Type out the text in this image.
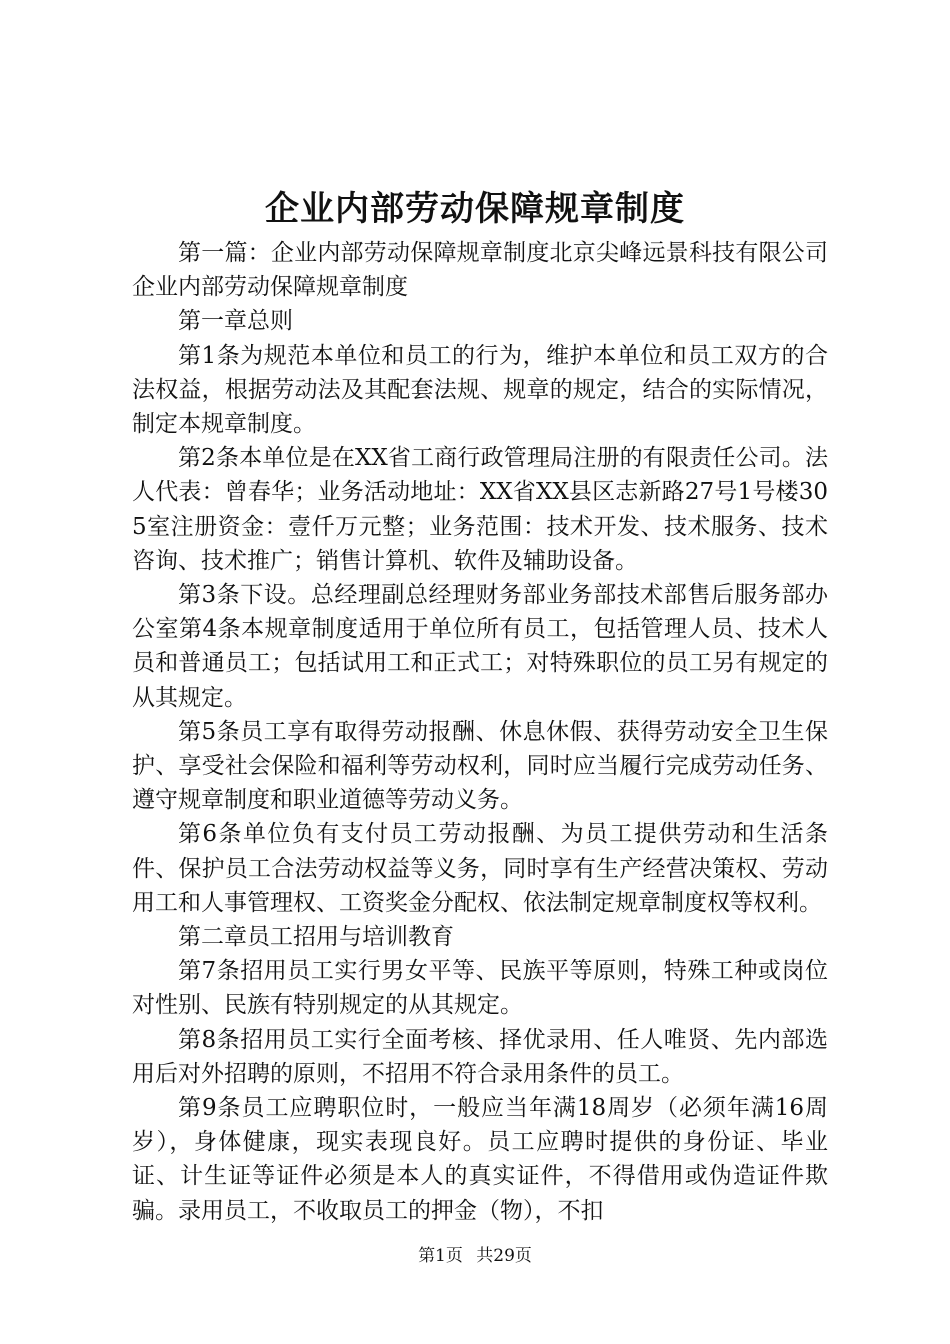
企业内部劳动保障规章制度

第一篇：企业内部劳动保障规章制度北京尖峰远景科技有限公司企业内部劳动保障规章制度

第一章总则

第1条为规范本单位和员工的行为，维护本单位和员工双方的合法权益，根据劳动法及其配套法规、规章的规定，结合的实际情况，制定本规章制度。

第2条本单位是在XX省工商行政管理局注册的有限责任公司。法人代表：曾春华；业务活动地址：XX省XX县区志新路27号1号楼305室注册资金：壹仟万元整；业务范围：技术开发、技术服务、技术咨询、技术推广；销售计算机、软件及辅助设备。

第3条下设。总经理副总经理财务部业务部技术部售后服务部办公室第4条本规章制度适用于单位所有员工，包括管理人员、技术人员和普通员工；包括试用工和正式工；对特殊职位的员工另有规定的从其规定。

第5条员工享有取得劳动报酬、休息休假、获得劳动安全卫生保护、享受社会保险和福利等劳动权利，同时应当履行完成劳动任务、遵守规章制度和职业道德等劳动义务。

第6条单位负有支付员工劳动报酬、为员工提供劳动和生活条件、保护员工合法劳动权益等义务，同时享有生产经营决策权、劳动用工和人事管理权、工资奖金分配权、依法制定规章制度权等权利。

第二章员工招用与培训教育

第7条招用员工实行男女平等、民族平等原则，特殊工种或岗位对性别、民族有特别规定的从其规定。

第8条招用员工实行全面考核、择优录用、任人唯贤、先内部选用后对外招聘的原则，不招用不符合录用条件的员工。

第9条员工应聘职位时，一般应当年满18周岁（必须年满16周岁），身体健康，现实表现良好。员工应聘时提供的身份证、毕业证、计生证等证件必须是本人的真实证件，不得借用或伪造证件欺骗。录用员工，不收取员工的押金（物），不扣

第1页 共29页
